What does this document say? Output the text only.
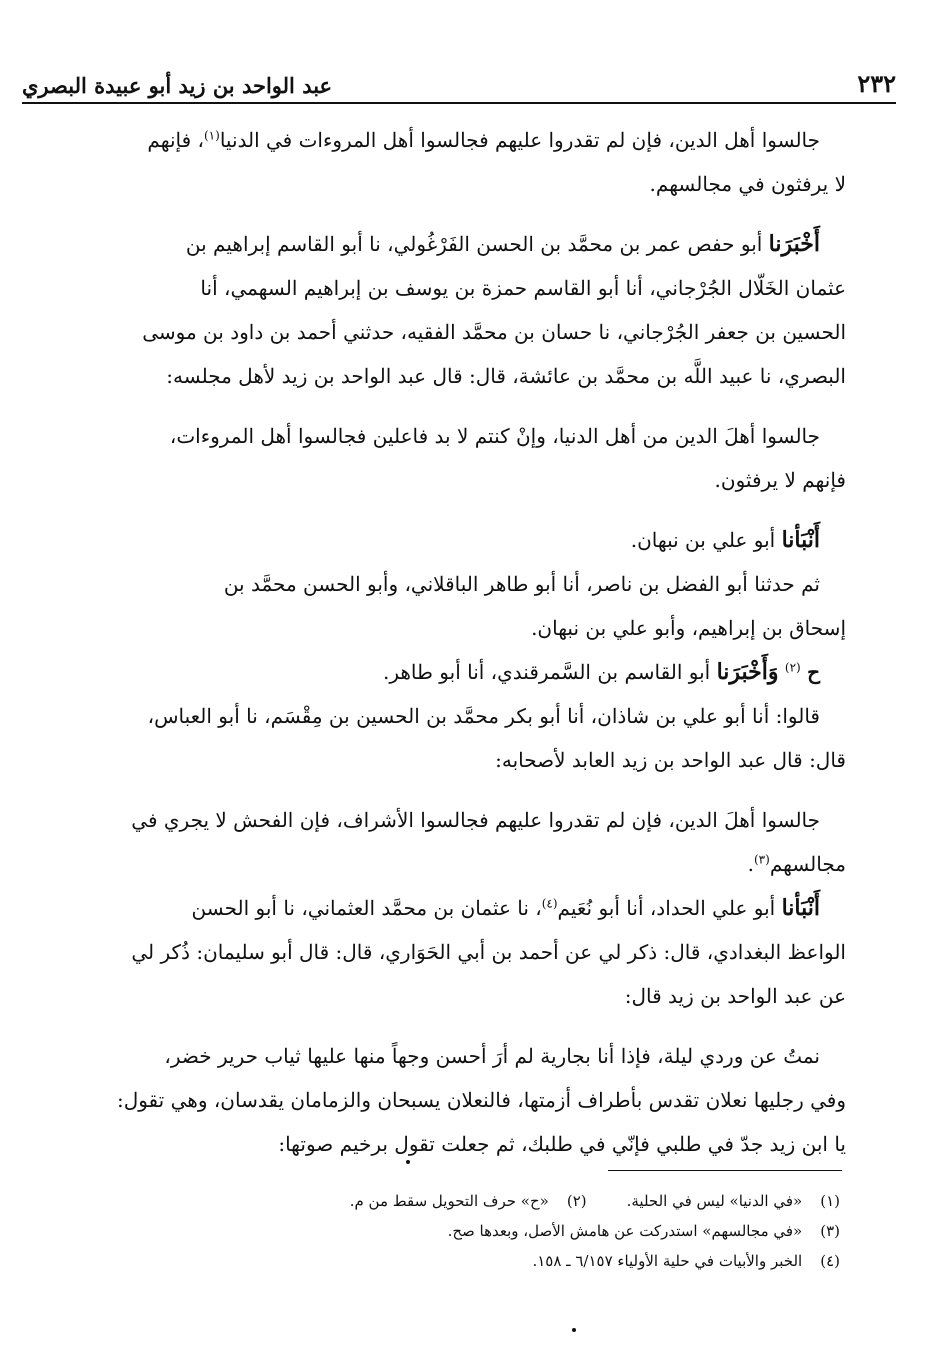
٢٣٢
عبد الواحد بن زيد أبو عبيدة البصري
جالسوا أهل الدين، فإن لم تقدروا عليهم فجالسوا أهل المروءات في الدنيا$^{(١)}$، فإنهم
لا يرفثون في مجالسهم.
أَخْبَرَنا أبو حفص عمر بن محمَّد بن الحسن الفَرْغُولي، نا أبو القاسم إبراهيم بن
عثمان الخَلّال الجُرْجاني، أنا أبو القاسم حمزة بن يوسف بن إبراهيم السهمي، أنا
الحسين بن جعفر الجُرْجاني، نا حسان بن محمَّد الفقيه، حدثني أحمد بن داود بن موسى
البصري، نا عبيد اللَّه بن محمَّد بن عائشة، قال: قال عبد الواحد بن زيد لأهل مجلسه:
جالسوا أهلَ الدين من أهل الدنيا، وإنْ كنتم لا بد فاعلين فجالسوا أهل المروءات،
فإنهم لا يرفثون.
أَنْبَأنا أبو علي بن نبهان.
ثم حدثنا أبو الفضل بن ناصر، أنا أبو طاهر الباقلاني، وأبو الحسن محمَّد بن
إسحاق بن إبراهيم، وأبو علي بن نبهان.
ح $^{(٢)}$ وَأَخْبَرَنا أبو القاسم بن السَّمرقندي، أنا أبو طاهر.
قالوا: أنا أبو علي بن شاذان، أنا أبو بكر محمَّد بن الحسين بن مِقْسَم، نا أبو العباس،
قال: قال عبد الواحد بن زيد العابد لأصحابه:
جالسوا أهلَ الدين، فإن لم تقدروا عليهم فجالسوا الأشراف، فإن الفحش لا يجري في
مجالسهم$^{(٣)}$.
أَنْبَأنا أبو علي الحداد، أنا أبو نُعَيم$^{(٤)}$، نا عثمان بن محمَّد العثماني، نا أبو الحسن
الواعظ البغدادي، قال: ذكر لي عن أحمد بن أبي الحَوَاري، قال: قال أبو سليمان: ذُكر لي
عن عبد الواحد بن زيد قال:
نمتُ عن وردي ليلة، فإذا أنا بجارية لم أرَ أحسن وجهاً منها عليها ثياب حرير خضر،
وفي رجليها نعلان تقدس بأطراف أزمتها، فالنعلان يسبحان والزمامان يقدسان، وهي تقول:
يا ابن زيد جدّ في طلبي فإنّي في طلبك، ثم جعلت تقول برخيم صوتها:
(١)«في الدنيا» ليس في الحلية.
(٢)«ح» حرف التحويل سقط من م.
(٣)«في مجالسهم» استدركت عن هامش الأصل، وبعدها صح.
(٤)الخبر والأبيات في حلية الأولياء ٦/١٥٧ ـ ١٥٨.
